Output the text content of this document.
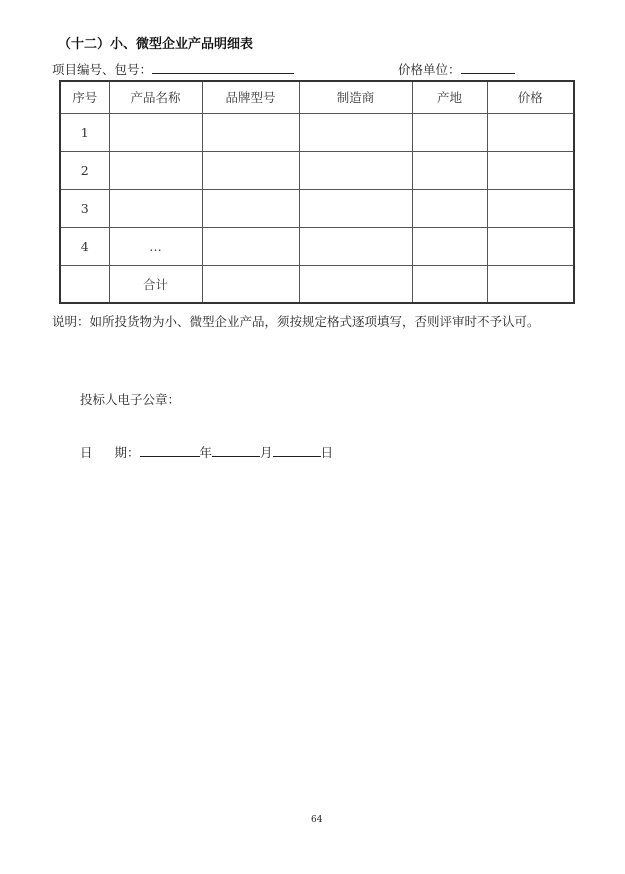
（十二）小、微型企业产品明细表
项目编号、包号：	价格单位：
序号	产品名称	品牌型号	制造商	产地	价格
1					
2					
3					
4	…				
	合计				
说明：如所投货物为小、微型企业产品，须按规定格式逐项填写，否则评审时不予认可。
投标人电子公章：
日 期：	年	月	日
64
